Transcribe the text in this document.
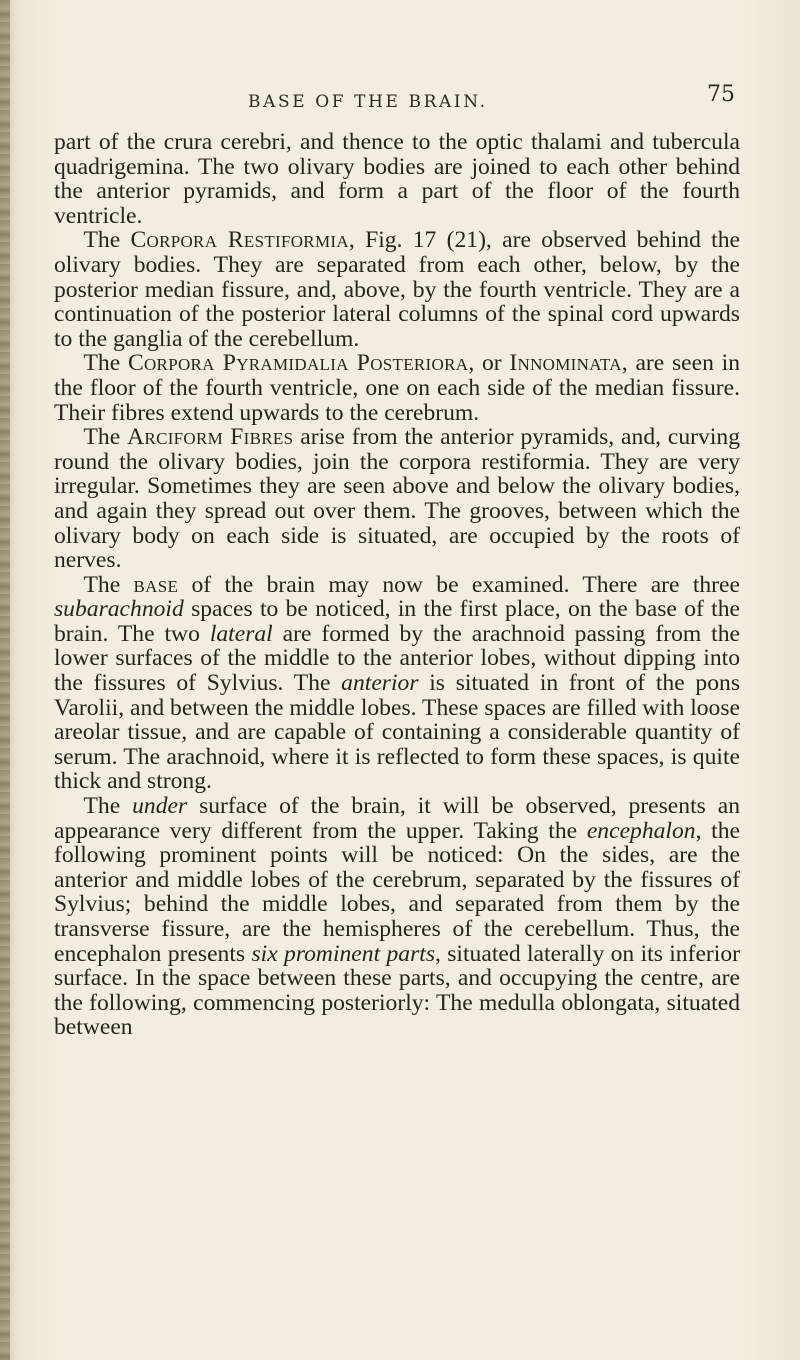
BASE OF THE BRAIN.	75

part of the crura cerebri, and thence to the optic thalami and tubercula quadrigemina. The two olivary bodies are joined to each other behind the anterior pyramids, and form a part of the floor of the fourth ventricle.

The Corpora Restiformia, Fig. 17 (21), are observed behind the olivary bodies. They are separated from each other, below, by the posterior median fissure, and, above, by the fourth ventricle. They are a continuation of the posterior lateral columns of the spinal cord upwards to the ganglia of the cerebellum.

The Corpora Pyramidalia Posteriora, or Innominata, are seen in the floor of the fourth ventricle, one on each side of the median fissure. Their fibres extend upwards to the cerebrum.

The Arciform Fibres arise from the anterior pyramids, and, curving round the olivary bodies, join the corpora restiformia. They are very irregular. Sometimes they are seen above and below the olivary bodies, and again they spread out over them. The grooves, between which the olivary body on each side is situated, are occupied by the roots of nerves.

The base of the brain may now be examined. There are three subarachnoid spaces to be noticed, in the first place, on the base of the brain. The two lateral are formed by the arachnoid passing from the lower surfaces of the middle to the anterior lobes, without dipping into the fissures of Sylvius. The anterior is situated in front of the pons Varolii, and between the middle lobes. These spaces are filled with loose areolar tissue, and are capable of containing a considerable quantity of serum. The arachnoid, where it is reflected to form these spaces, is quite thick and strong.

The under surface of the brain, it will be observed, presents an appearance very different from the upper. Taking the encephalon, the following prominent points will be noticed: On the sides, are the anterior and middle lobes of the cerebrum, separated by the fissures of Sylvius; behind the middle lobes, and separated from them by the transverse fissure, are the hemispheres of the cerebellum. Thus, the encephalon presents six prominent parts, situated laterally on its inferior surface. In the space between these parts, and occupying the centre, are the following, commencing posteriorly: The medulla oblongata, situated between
